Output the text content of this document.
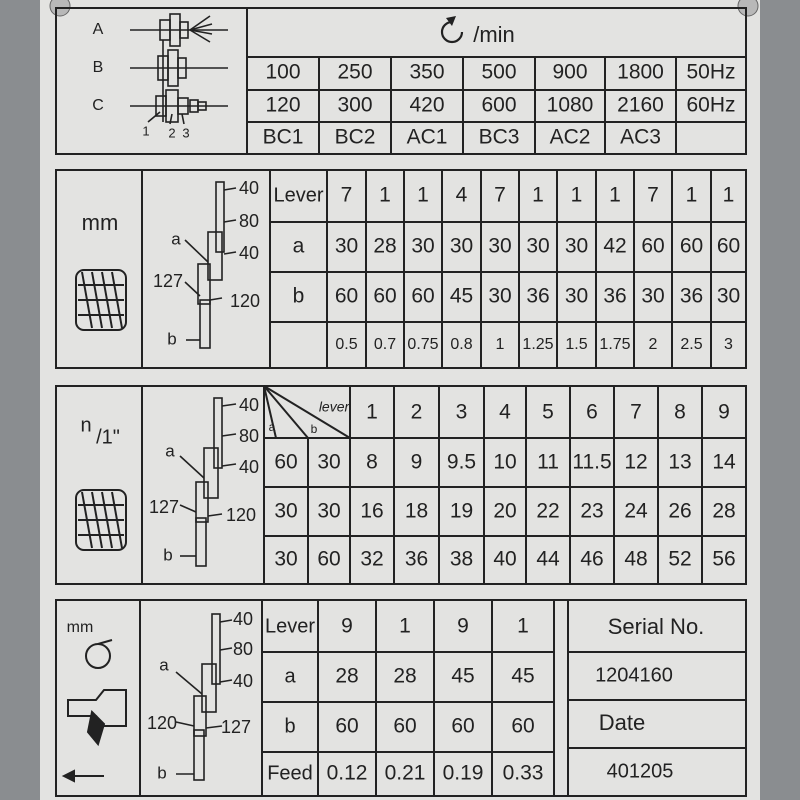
/min
A
B
C
1 2 3
100 250 350 500 900 1800 50Hz
120 300 420 600 1080 2160 60Hz
BC1 BC2 AC1 BC3 AC2 AC3
mm
40
80
40
127
120
a
b
Lever 7 1 1 4 7 1 1 1 7 1 1
a 30 28 30 30 30 30 30 42 60 60 60
b 60 60 60 45 30 36 30 36 30 36 30
0.5 0.7 0.75 0.8 1 1.25 1.5 1.75 2 2.5 3
n
/1"
40
80
40
127	120
a
b
lever
a	b
1 2 3 4 5 6 7 8 9
60 30 8 9 9.5 10 11 11.5 12 13 14
30 30 16 18 19 20 22 23 24 26 28
30 60 32 36 38 40 44 46 48 52 56
mm	40
80
40
120 127
a
b
Lever 9 1 9 1
a 28 28 45 45
b 60 60 60 60
Feed 0.12 0.21 0.19 0.33
Serial No.
1204160
Date
401205
